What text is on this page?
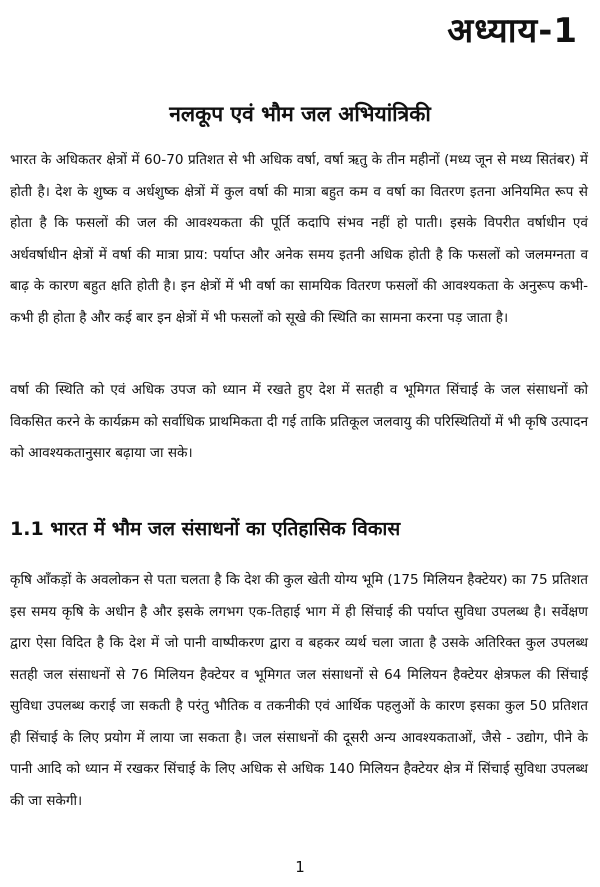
अध्याय-1
नलकूप एवं भौम जल अभियांत्रिकी

भारत के अधिकतर क्षेत्रों में 60-70 प्रतिशत से भी अधिक वर्षा, वर्षा ऋतु के तीन महीनों (मध्य जून से मध्य सितंबर) में होती है। देश के शुष्क व अर्धशुष्क क्षेत्रों में कुल वर्षा की मात्रा बहुत कम व वर्षा का वितरण इतना अनियमित रूप से होता है कि फसलों की जल की आवश्यकता की पूर्ति कदापि संभव नहीं हो पाती। इसके विपरीत वर्षाधीन एवं अर्धवर्षाधीन क्षेत्रों में वर्षा की मात्रा प्राय: पर्याप्त और अनेक समय इतनी अधिक होती है कि फसलों को जलमग्नता व बाढ़ के कारण बहुत क्षति होती है। इन क्षेत्रों में भी वर्षा का सामयिक वितरण फसलों की आवश्यकता के अनुरूप कभी-कभी ही होता है और कई बार इन क्षेत्रों में भी फसलों को सूखे की स्थिति का सामना करना पड़ जाता है।

वर्षा की स्थिति को एवं अधिक उपज को ध्यान में रखते हुए देश में सतही व भूमिगत सिंचाई के जल संसाधनों को विकसित करने के कार्यक्रम को सर्वाधिक प्राथमिकता दी गई ताकि प्रतिकूल जलवायु की परिस्थितियों में भी कृषि उत्पादन को आवश्यकतानुसार बढ़ाया जा सके।

1.1 भारत में भौम जल संसाधनों का एतिहासिक विकास

कृषि आँकड़ों के अवलोकन से पता चलता है कि देश की कुल खेती योग्य भूमि (175 मिलियन हैक्टेयर) का 75 प्रतिशत इस समय कृषि के अधीन है और इसके लगभग एक-तिहाई भाग में ही सिंचाई की पर्याप्त सुविधा उपलब्ध है। सर्वेक्षण द्वारा ऐसा विदित है कि देश में जो पानी वाष्पीकरण द्वारा व बहकर व्यर्थ चला जाता है उसके अतिरिक्त कुल उपलब्ध सतही जल संसाधनों से 76 मिलियन हैक्टेयर व भूमिगत जल संसाधनों से 64 मिलियन हैक्टेयर क्षेत्रफल की सिंचाई सुविधा उपलब्ध कराई जा सकती है परंतु भौतिक व तकनीकी एवं आर्थिक पहलुओं के कारण इसका कुल 50 प्रतिशत ही सिंचाई के लिए प्रयोग में लाया जा सकता है। जल संसाधनों की दूसरी अन्य आवश्यकताओं, जैसे - उद्योग, पीने के पानी आदि को ध्यान में रखकर सिंचाई के लिए अधिक से अधिक 140 मिलियन हैक्टेयर क्षेत्र में सिंचाई सुविधा उपलब्ध की जा सकेगी।

1
